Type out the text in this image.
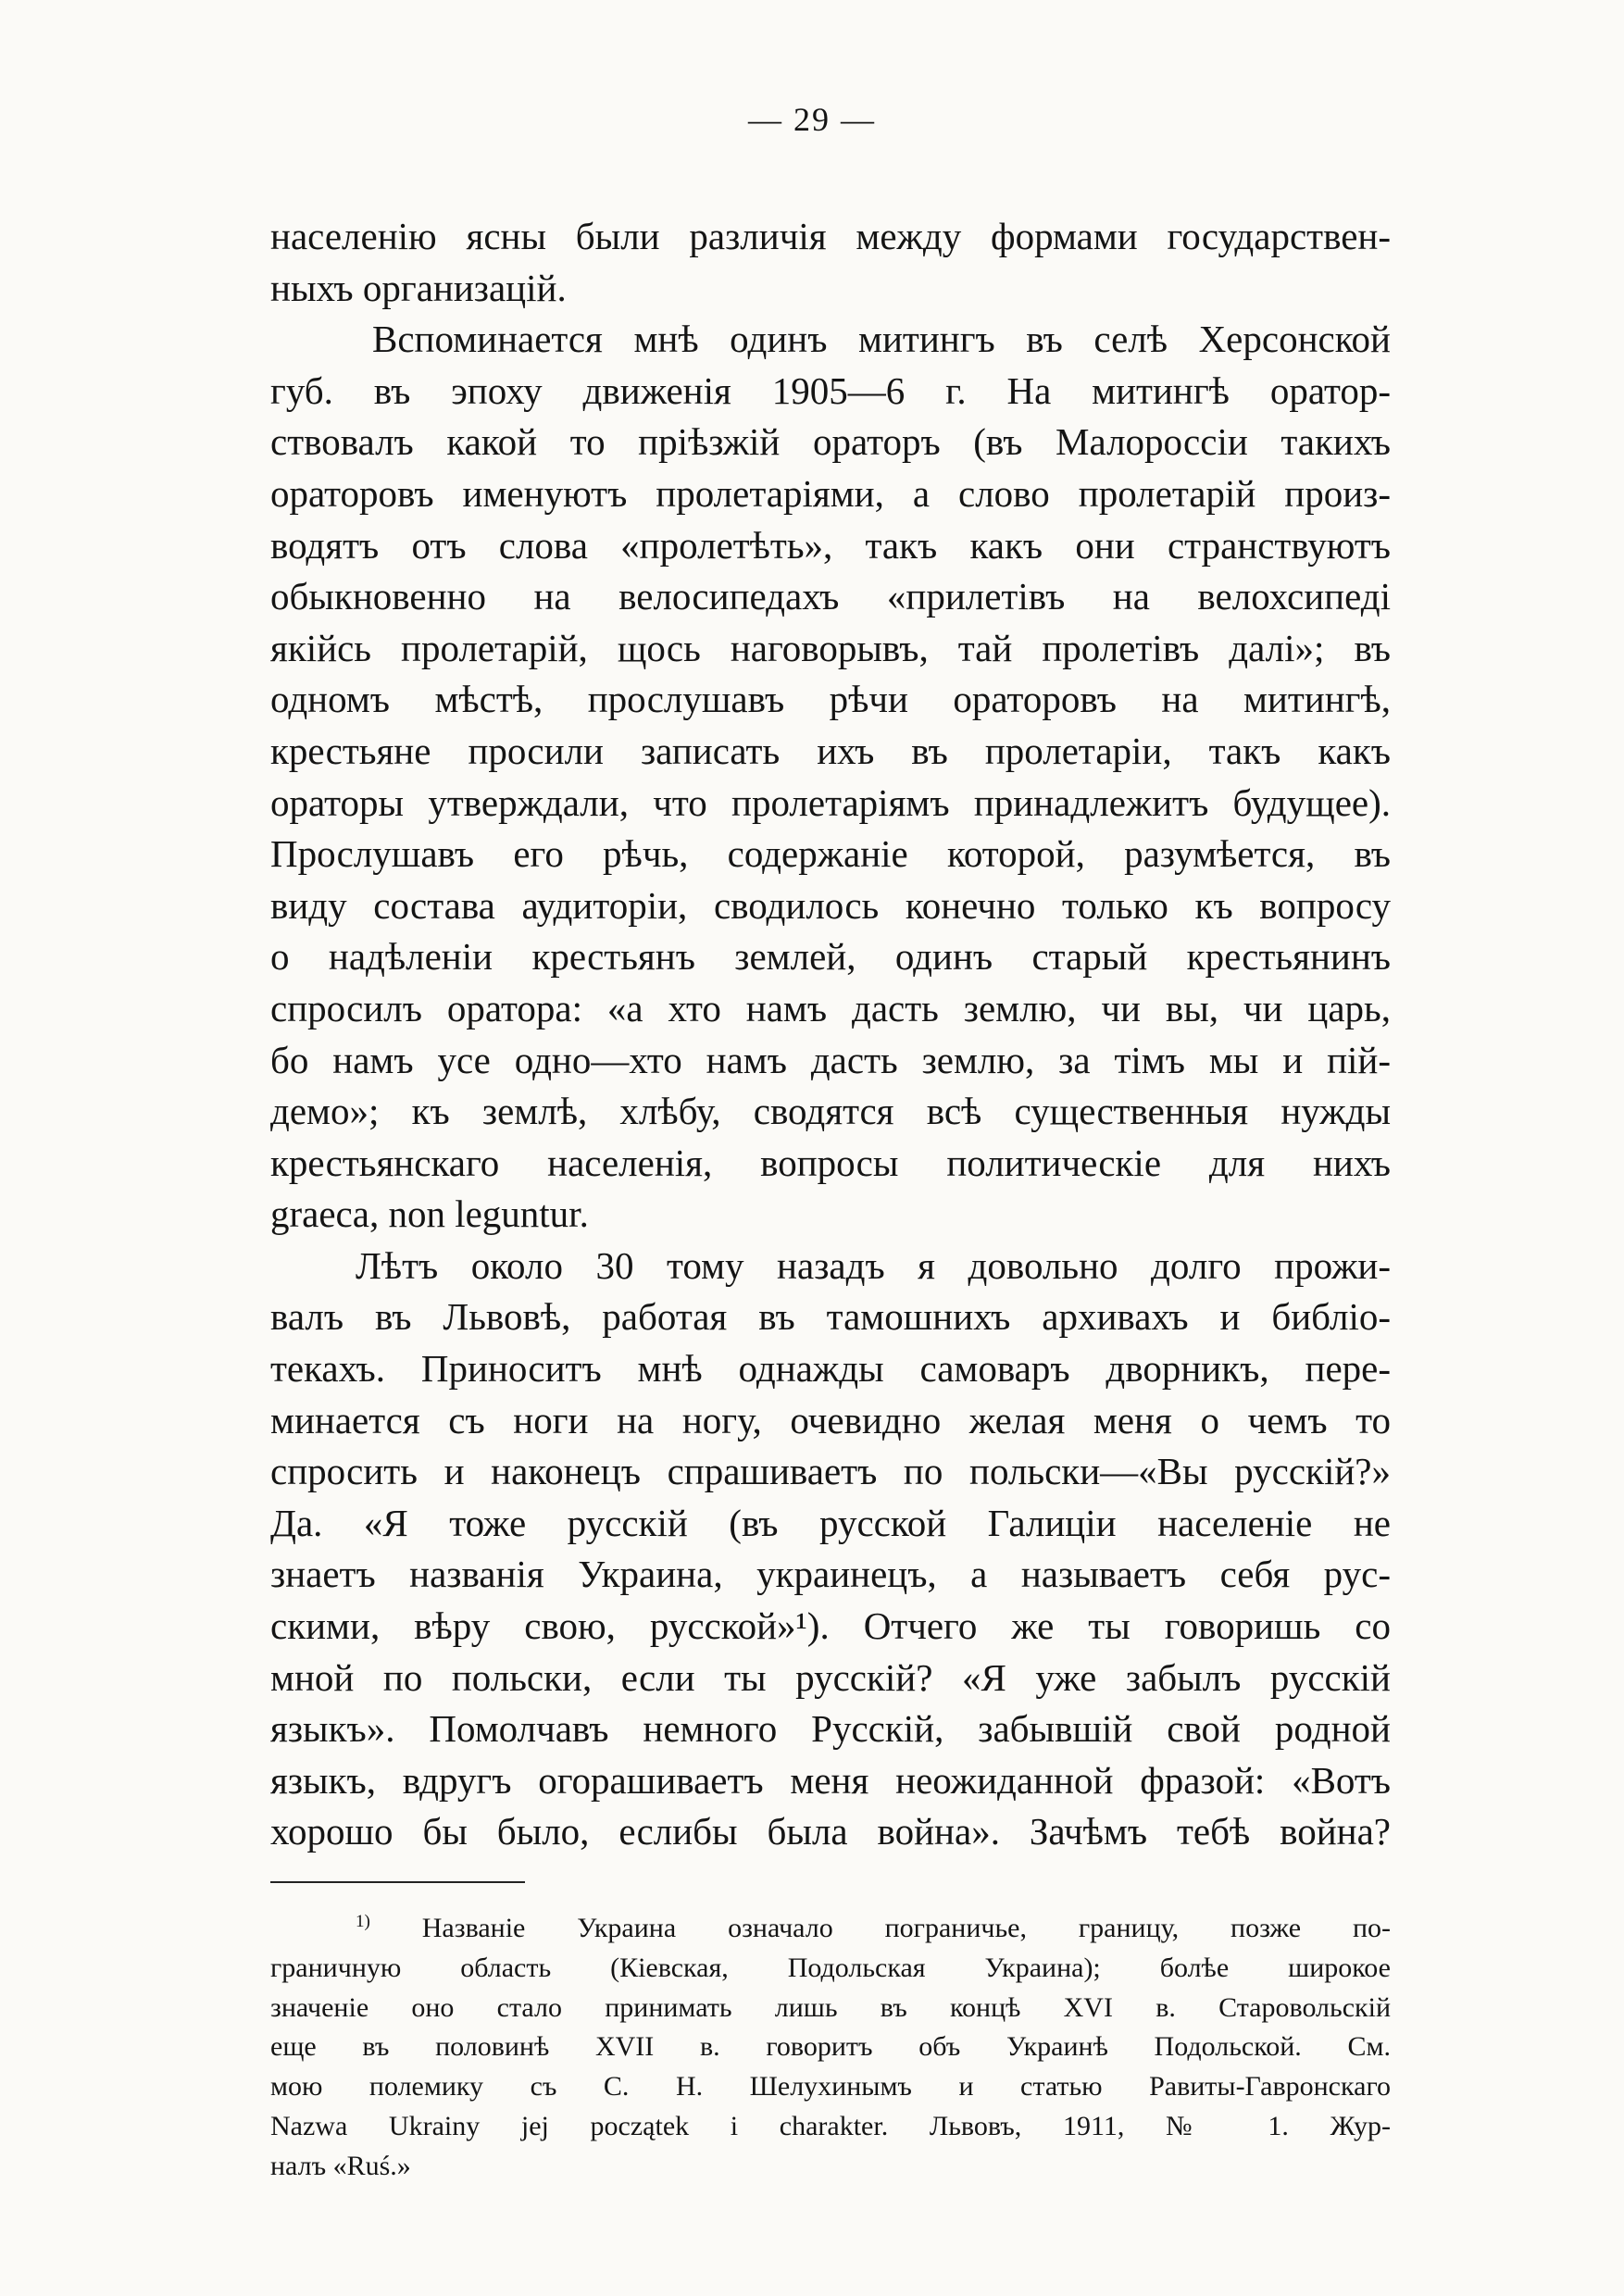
— 29 —

населенію ясны были различія между формами государствен-
ныхъ организацій.

Вспоминается мнѣ одинъ митингъ въ селѣ Херсонской
губ. въ эпоху движенія 1905—6 г. На митингѣ оратор-
ствовалъ какой то пріѣзжій ораторъ (въ Малороссіи такихъ
ораторовъ именуютъ пролетаріями, а слово пролетарій произ-
водятъ отъ слова «пролетѣть», такъ какъ они странствуютъ
обыкновенно на велосипедахъ «прилетівъ на велохсипеді
якійсь пролетарій, щось наговорывъ, тай пролетівъ далі»; въ
одномъ мѣстѣ, прослушавъ рѣчи ораторовъ на митингѣ,
крестьяне просили записать ихъ въ пролетаріи, такъ какъ
ораторы утверждали, что пролетаріямъ принадлежитъ будущее).
Прослушавъ его рѣчь, содержаніе которой, разумѣется, въ
виду состава аудиторіи, сводилось конечно только къ вопросу
о надѣленіи крестьянъ землей, одинъ старый крестьянинъ
спросилъ оратора: «а хто намъ дасть землю, чи вы, чи царь,
бо намъ усе одно—хто намъ дасть землю, за тімъ мы и пій-
демо»; къ землѣ, хлѣбу, сводятся всѣ существенныя нужды
крестьянскаго населенія, вопросы политическіе для нихъ
graeca, non leguntur.

Лѣтъ около 30 тому назадъ я довольно долго прожи-
валъ въ Львовѣ, работая въ тамошнихъ архивахъ и библіо-
текахъ. Приноситъ мнѣ однажды самоваръ дворникъ, пере-
минается съ ноги на ногу, очевидно желая меня о чемъ то
спросить и наконецъ спрашиваетъ по польски—«Вы русскій?»
Да. «Я тоже русскій (въ русской Галиціи населеніе не
знаетъ названія Украина, украинецъ, а называетъ себя рус-
скими, вѣру свою, русской»¹). Отчего же ты говоришь со
мной по польски, если ты русскій? «Я уже забылъ русскій
языкъ». Помолчавъ немного Русскій, забывшій свой родной
языкъ, вдругъ огорашиваетъ меня неожиданной фразой: «Вотъ
хорошо бы было, еслибы была война». Зачѣмъ тебѣ война?

$^{1)}$ Названіе Украина означало пограничье, границу, позже по-
граничную область (Кіевская, Подольская Украина); болѣе широкое
значеніе оно стало принимать лишь въ концѣ XVI в. Старовольскій
еще въ половинѣ XVII в. говоритъ объ Украинѣ Подольской. См.
мою полемику съ С. Н. Шелухинымъ и статью Равиты-Гавронскаго
Nazwa Ukrainy jej początek i charakter. Львовъ, 1911, № 1. Жур-
налъ «Ruś.»
